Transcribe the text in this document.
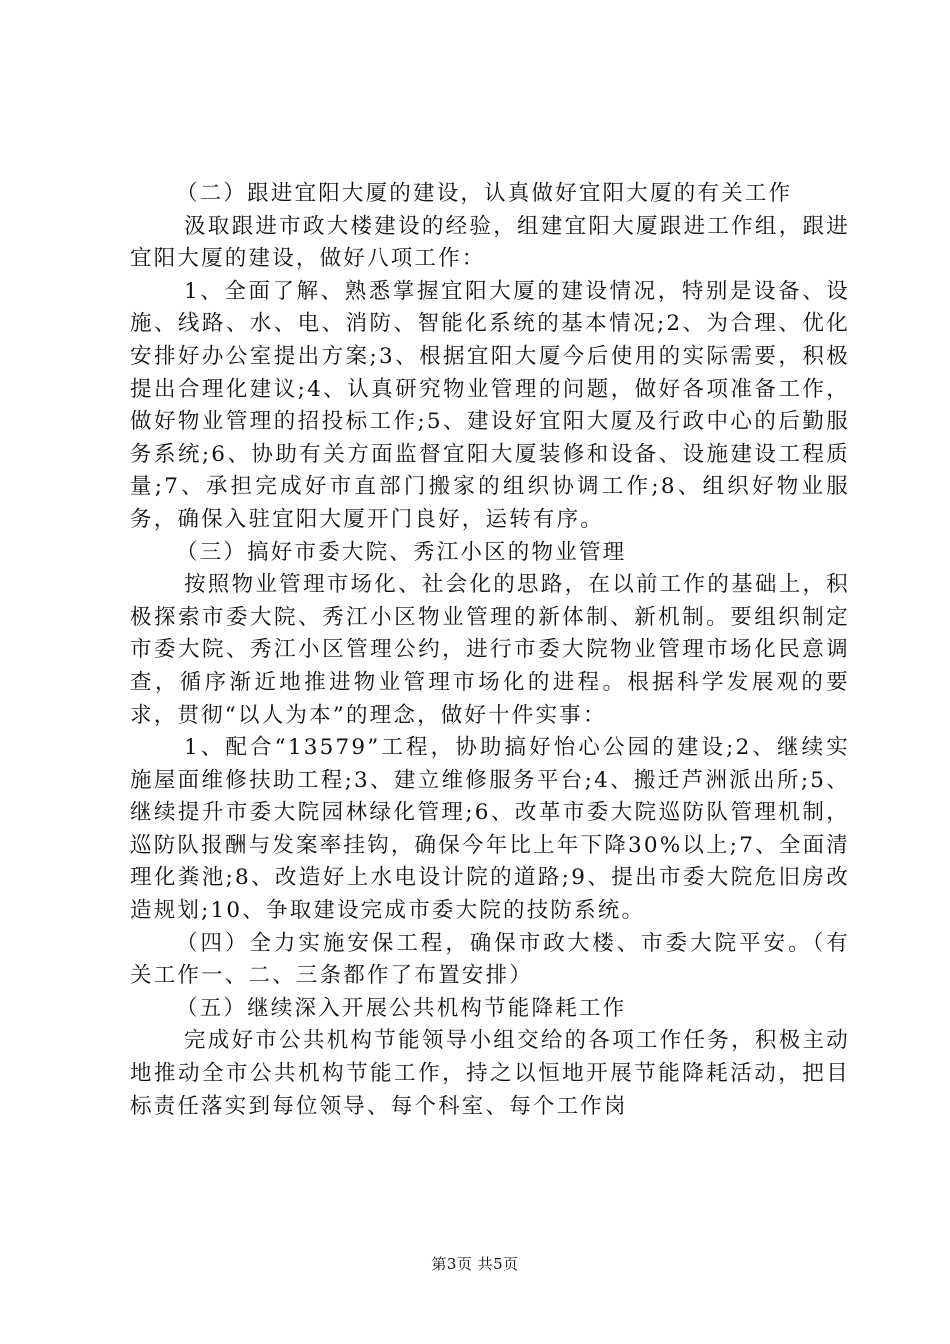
（二）跟进宜阳大厦的建设，认真做好宜阳大厦的有关工作

汲取跟进市政大楼建设的经验，组建宜阳大厦跟进工作组，跟进宜阳大厦的建设，做好八项工作：

1、全面了解、熟悉掌握宜阳大厦的建设情况，特别是设备、设施、线路、水、电、消防、智能化系统的基本情况;2、为合理、优化安排好办公室提出方案;3、根据宜阳大厦今后使用的实际需要，积极提出合理化建议;4、认真研究物业管理的问题，做好各项准备工作，做好物业管理的招投标工作;5、建设好宜阳大厦及行政中心的后勤服务系统;6、协助有关方面监督宜阳大厦装修和设备、设施建设工程质量;7、承担完成好市直部门搬家的组织协调工作;8、组织好物业服务，确保入驻宜阳大厦开门良好，运转有序。

（三）搞好市委大院、秀江小区的物业管理

按照物业管理市场化、社会化的思路，在以前工作的基础上，积极探索市委大院、秀江小区物业管理的新体制、新机制。要组织制定市委大院、秀江小区管理公约，进行市委大院物业管理市场化民意调查，循序渐近地推进物业管理市场化的进程。根据科学发展观的要求，贯彻“以人为本”的理念，做好十件实事：

1、配合“13579”工程，协助搞好怡心公园的建设;2、继续实施屋面维修扶助工程;3、建立维修服务平台;4、搬迁芦洲派出所;5、继续提升市委大院园林绿化管理;6、改革市委大院巡防队管理机制，巡防队报酬与发案率挂钩，确保今年比上年下降30%以上;7、全面清理化粪池;8、改造好上水电设计院的道路;9、提出市委大院危旧房改造规划;10、争取建设完成市委大院的技防系统。

（四）全力实施安保工程，确保市政大楼、市委大院平安。（有关工作一、二、三条都作了布置安排）

（五）继续深入开展公共机构节能降耗工作

完成好市公共机构节能领导小组交给的各项工作任务，积极主动地推动全市公共机构节能工作，持之以恒地开展节能降耗活动，把目标责任落实到每位领导、每个科室、每个工作岗

第3页 共5页
